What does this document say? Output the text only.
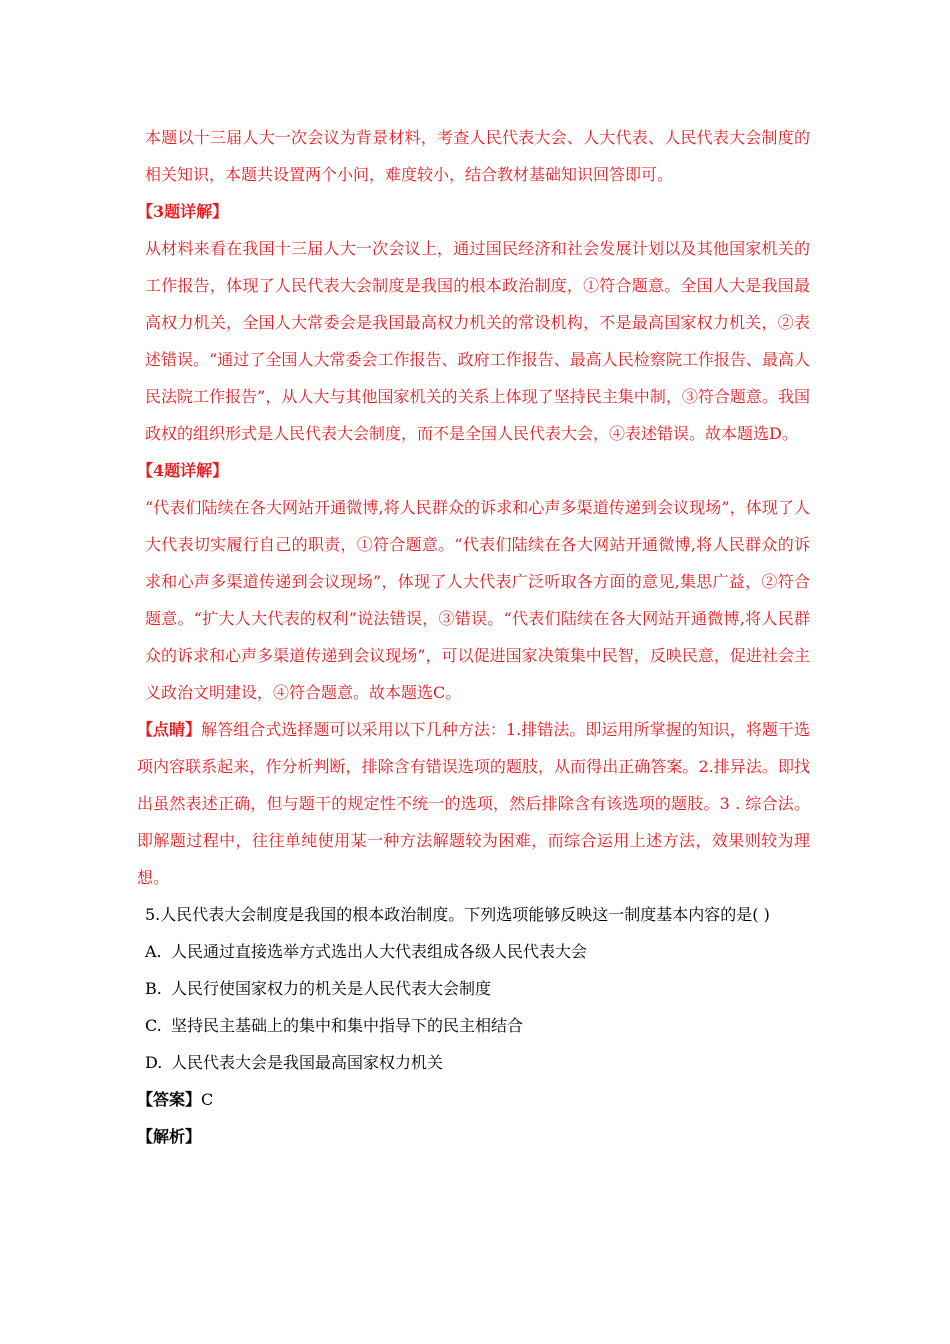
本题以十三届人大一次会议为背景材料，考查人民代表大会、人大代表、人民代表大会制度的相关知识，本题共设置两个小问，难度较小，结合教材基础知识回答即可。

【3题详解】

从材料来看在我国十三届人大一次会议上，通过国民经济和社会发展计划以及其他国家机关的工作报告，体现了人民代表大会制度是我国的根本政治制度，①符合题意。全国人大是我国最高权力机关，全国人大常委会是我国最高权力机关的常设机构，不是最高国家权力机关，②表述错误。“通过了全国人大常委会工作报告、政府工作报告、最高人民检察院工作报告、最高人民法院工作报告”，从人大与其他国家机关的关系上体现了坚持民主集中制，③符合题意。我国政权的组织形式是人民代表大会制度，而不是全国人民代表大会，④表述错误。故本题选D。

【4题详解】

“代表们陆续在各大网站开通微博,将人民群众的诉求和心声多渠道传递到会议现场”，体现了人大代表切实履行自己的职责，①符合题意。“代表们陆续在各大网站开通微博,将人民群众的诉求和心声多渠道传递到会议现场”，体现了人大代表广泛听取各方面的意见,集思广益，②符合题意。“扩大人大代表的权利”说法错误，③错误。“代表们陆续在各大网站开通微博,将人民群众的诉求和心声多渠道传递到会议现场”，可以促进国家决策集中民智，反映民意，促进社会主义政治文明建设，④符合题意。故本题选C。

【点睛】解答组合式选择题可以采用以下几种方法：1.排错法。即运用所掌握的知识，将题干选项内容联系起来，作分析判断，排除含有错误选项的题肢，从而得出正确答案。2.排异法。即找出虽然表述正确，但与题干的规定性不统一的选项，然后排除含有该选项的题肢。3 . 综合法。即解题过程中，往往单纯使用某一种方法解题较为困难，而综合运用上述方法，效果则较为理想。

5.人民代表大会制度是我国的根本政治制度。下列选项能够反映这一制度基本内容的是( )

A. 人民通过直接选举方式选出人大代表组成各级人民代表大会

B. 人民行使国家权力的机关是人民代表大会制度

C. 坚持民主基础上的集中和集中指导下的民主相结合

D. 人民代表大会是我国最高国家权力机关

【答案】C

【解析】
